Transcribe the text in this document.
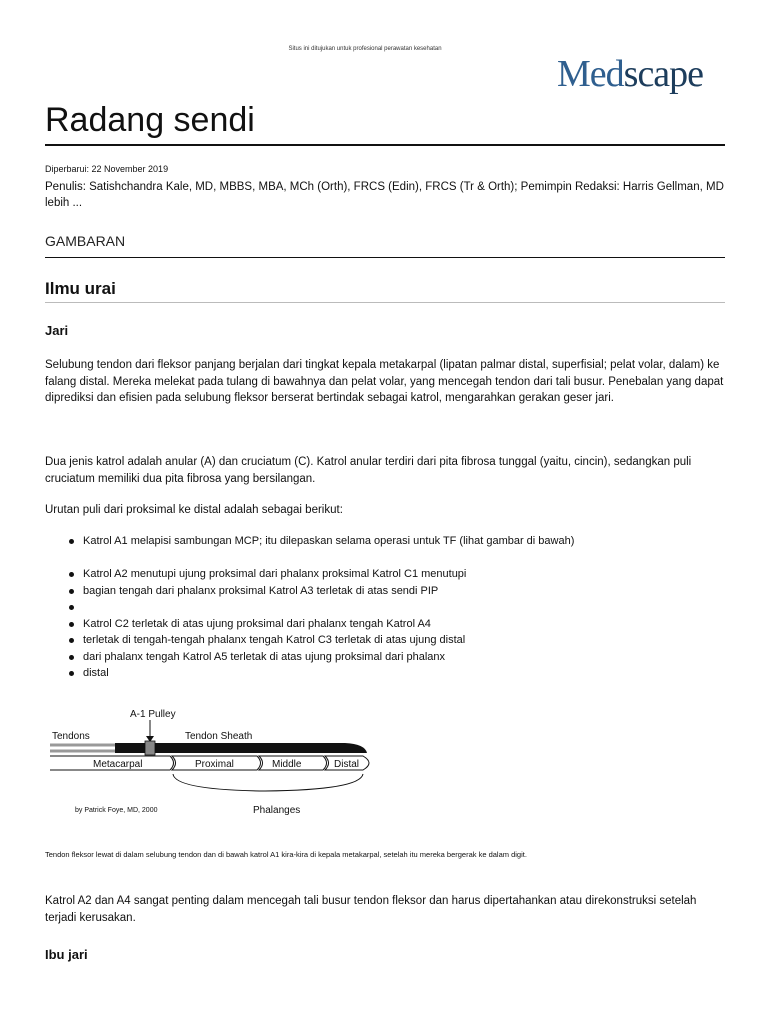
Situs ini ditujukan untuk profesional perawatan kesehatan
Medscape
Radang sendi
Diperbarui: 22 November 2019
Penulis: Satishchandra Kale, MD, MBBS, MBA, MCh (Orth), FRCS (Edin), FRCS (Tr & Orth); Pemimpin Redaksi: Harris Gellman, MD lebih ...
GAMBARAN
Ilmu urai
Jari

Selubung tendon dari fleksor panjang berjalan dari tingkat kepala metakarpal (lipatan palmar distal, superfisial; pelat volar, dalam) ke falang distal. Mereka melekat pada tulang di bawahnya dan pelat volar, yang mencegah tendon dari tali busur. Penebalan yang dapat diprediksi dan efisien pada selubung fleksor berserat bertindak sebagai katrol, mengarahkan gerakan geser jari.

Dua jenis katrol adalah anular (A) dan cruciatum (C). Katrol anular terdiri dari pita fibrosa tunggal (yaitu, cincin), sedangkan puli cruciatum memiliki dua pita fibrosa yang bersilangan.

Urutan puli dari proksimal ke distal adalah sebagai berikut:

Katrol A1 melapisi sambungan MCP; itu dilepaskan selama operasi untuk TF (lihat gambar di bawah)
Katrol A2 menutupi ujung proksimal dari phalanx proksimal Katrol C1 menutupi
bagian tengah dari phalanx proksimal Katrol A3 terletak di atas sendi PIP
Katrol C2 terletak di atas ujung proksimal dari phalanx tengah Katrol A4
terletak di tengah-tengah phalanx tengah Katrol C3 terletak di atas ujung distal
dari phalanx tengah Katrol A5 terletak di atas ujung proksimal dari phalanx
distal
A-1 Pulley
Tendons	Tendon Sheath
Metacarpal	Proximal	Middle	Distal
Phalanges
by Patrick Foye, MD, 2000
Tendon fleksor lewat di dalam selubung tendon dan di bawah katrol A1 kira-kira di kepala metakarpal, setelah itu mereka bergerak ke dalam digit.

Katrol A2 dan A4 sangat penting dalam mencegah tali busur tendon fleksor dan harus dipertahankan atau direkonstruksi setelah terjadi kerusakan.

Ibu jari
